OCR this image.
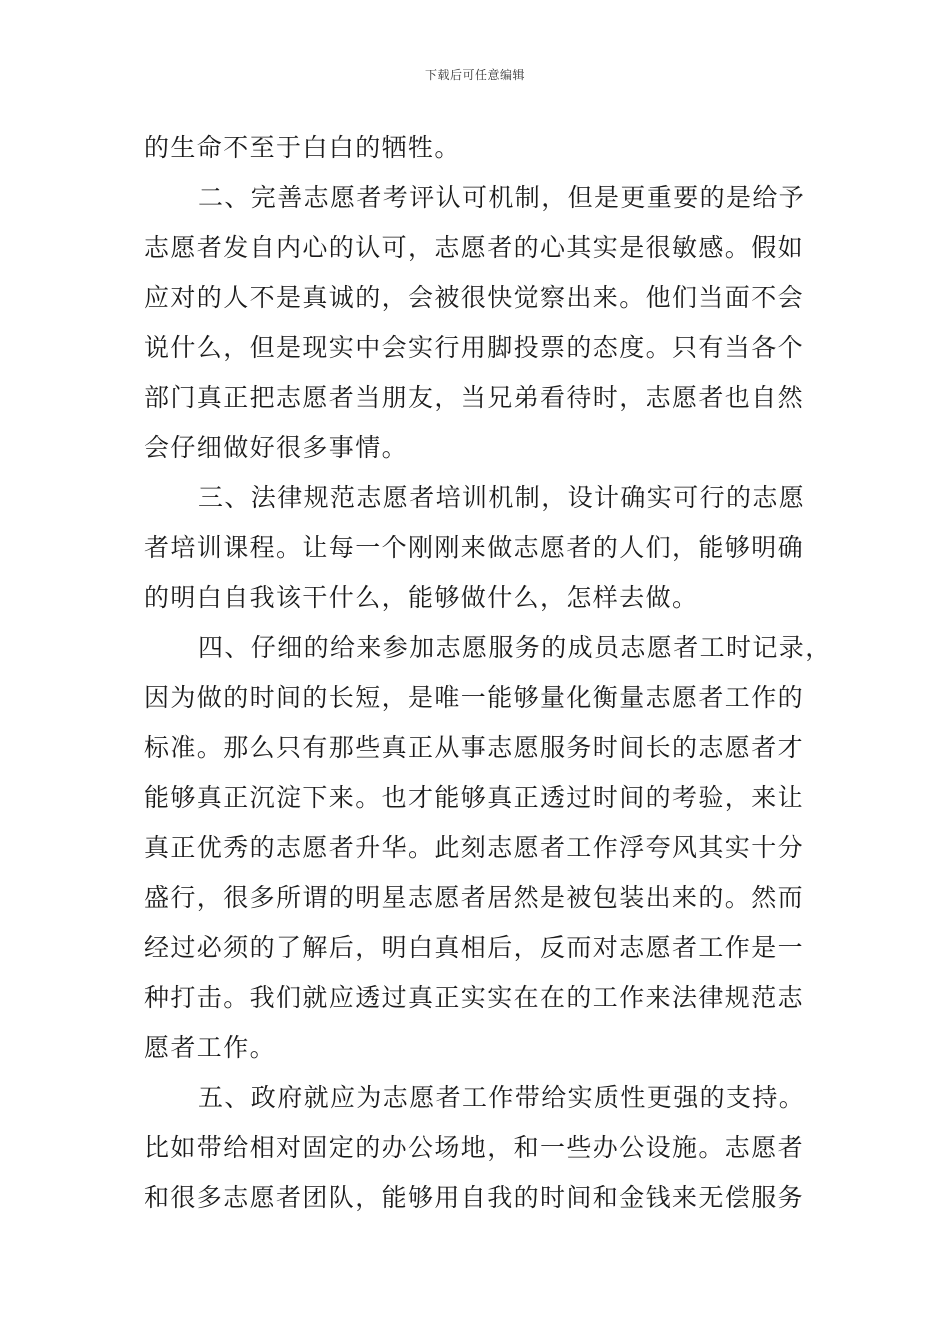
下载后可任意编辑
的生命不至于白白的牺牲。
二、完善志愿者考评认可机制，但是更重要的是给予
志愿者发自内心的认可，志愿者的心其实是很敏感。假如
应对的人不是真诚的，会被很快觉察出来。他们当面不会
说什么，但是现实中会实行用脚投票的态度。只有当各个
部门真正把志愿者当朋友，当兄弟看待时，志愿者也自然
会仔细做好很多事情。
三、法律规范志愿者培训机制，设计确实可行的志愿
者培训课程。让每一个刚刚来做志愿者的人们，能够明确
的明白自我该干什么，能够做什么，怎样去做。
四、仔细的给来参加志愿服务的成员志愿者工时记录，
因为做的时间的长短，是唯一能够量化衡量志愿者工作的
标准。那么只有那些真正从事志愿服务时间长的志愿者才
能够真正沉淀下来。也才能够真正透过时间的考验，来让
真正优秀的志愿者升华。此刻志愿者工作浮夸风其实十分
盛行，很多所谓的明星志愿者居然是被包装出来的。然而
经过必须的了解后，明白真相后，反而对志愿者工作是一
种打击。我们就应透过真正实实在在的工作来法律规范志
愿者工作。
五、政府就应为志愿者工作带给实质性更强的支持。
比如带给相对固定的办公场地，和一些办公设施。志愿者
和很多志愿者团队，能够用自我的时间和金钱来无偿服务
